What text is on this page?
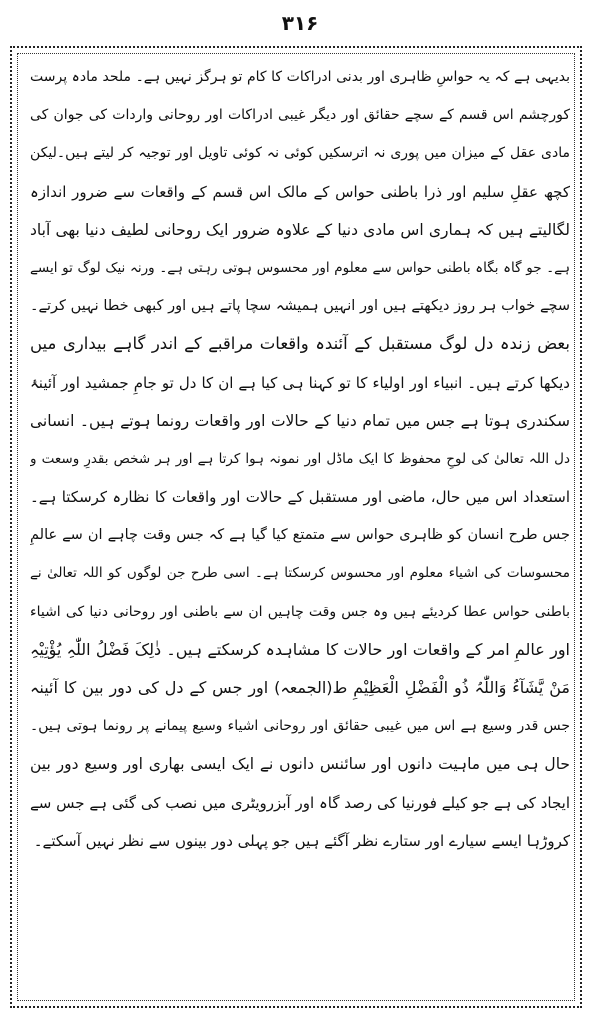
۳۱۶
بدیہی ہے کہ یہ حواسِ ظاہری اور بدنی ادراکات کا کام تو ہرگز نہیں ہے۔ ملحد مادہ پرست
کورچشم اس قسم کے سچے حقائق اور دیگر غیبی ادراکات اور روحانی واردات کی جوان کی
مادی عقل کے میزان میں پوری نہ اترسکیں کوئی نہ کوئی تاویل اور توجیہ کر لیتے ہیں۔لیکن
کچھ عقلِ سلیم اور ذرا باطنی حواس کے مالک اس قسم کے واقعات سے ضرور اندازہ
لگالیتے ہیں کہ ہماری اس مادی دنیا کے علاوہ ضرور ایک روحانی لطیف دنیا بھی آباد
ہے۔ جو گاہ بگاہ باطنی حواس سے معلوم اور محسوس ہوتی رہتی ہے۔ ورنہ نیک لوگ تو ایسے
سچے خواب ہر روز دیکھتے ہیں اور انہیں ہمیشہ سچا پاتے ہیں اور کبھی خطا نہیں کرتے۔
بعض زندہ دل لوگ مستقبل کے آئندہ واقعات مراقبے کے اندر گاہے بیداری میں
دیکھا کرتے ہیں۔ انبیاء اور اولیاء کا تو کہنا ہی کیا ہے ان کا دل تو جامِ جمشید اور آئینۂ
سکندری ہوتا ہے جس میں تمام دنیا کے حالات اور واقعات رونما ہوتے ہیں۔ انسانی
دل اللہ تعالیٰ کی لوحِ محفوظ کا ایک ماڈل اور نمونہ ہوا کرتا ہے اور ہر شخص بقدرِ وسعت و
استعداد اس میں حال، ماضی اور مستقبل کے حالات اور واقعات کا نظارہ کرسکتا ہے۔
جس طرح انسان کو ظاہری حواس سے متمتع کیا گیا ہے کہ جس وقت چاہے ان سے عالمِ
محسوسات کی اشیاء معلوم اور محسوس کرسکتا ہے۔ اسی طرح جن لوگوں کو اللہ تعالیٰ نے
باطنی حواس عطا کردیئے ہیں وہ جس وقت چاہیں ان سے باطنی اور روحانی دنیا کی اشیاء
اور عالمِ امر کے واقعات اور حالات کا مشاہدہ کرسکتے ہیں۔ ذٰلِکَ فَضْلُ اللّٰہِ یُؤْتِیْہِ
مَنْ یَّشَآءُ وَاللّٰہُ ذُو الْفَضْلِ الْعَظِیْمِ ط(الجمعہ) اور جس کے دل کی دور بین کا آئینہ
جس قدر وسیع ہے اس میں غیبی حقائق اور روحانی اشیاء وسیع پیمانے پر رونما ہوتی ہیں۔
حال ہی میں ماہیت دانوں اور سائنس دانوں نے ایک ایسی بھاری اور وسیع دور بین
ایجاد کی ہے جو کیلے فورنیا کی رصد گاہ اور آبزرویٹری میں نصب کی گئی ہے جس سے
کروڑہا ایسے سیارے اور ستارے نظر آگئے ہیں جو پہلی دور بینوں سے نظر نہیں آسکتے۔
